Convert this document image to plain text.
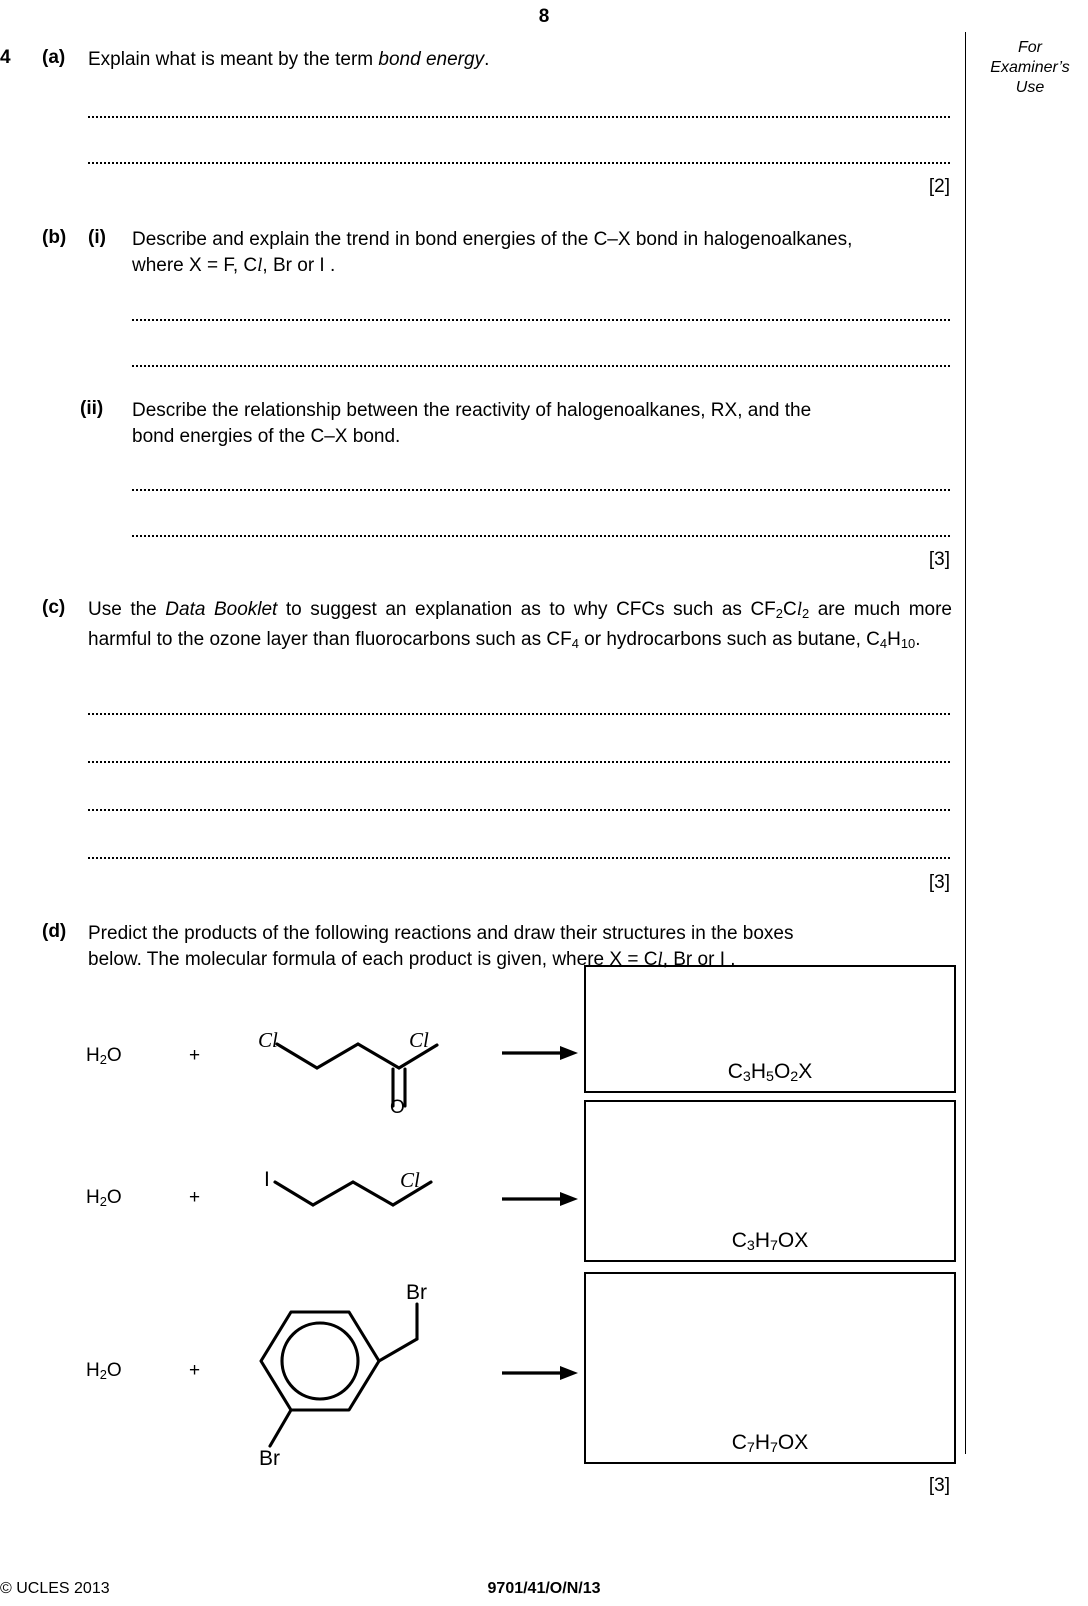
8
For
Examiner’s
Use
4 (a) Explain what is meant by the term bond energy.
[2]
(b) (i) Describe and explain the trend in bond energies of the C–X bond in halogenoalkanes,
where X = F, Cl, Br or I .
(ii) Describe the relationship between the reactivity of halogenoalkanes, RX, and the
bond energies of the C–X bond.
[3]
(c) Use the Data Booklet to suggest an explanation as to why CFCs such as $CF_2Cl_2$ are much more harmful to the ozone layer than fluorocarbons such as $CF_4$ or hydrocarbons such as butane, $C_4H_{10}$.
[3]
(d) Predict the products of the following reactions and draw their structures in the boxes
below. The molecular formula of each product is given, where X = Cl, Br or I .
$H_2O$	+
Cl	Cl
O
$C_3H_5O_2X$
$H_2O$	+
I	Cl
$C_3H_7OX$
$H_2O$	+
Br
Br
$C_7H_7OX$
[3]
© UCLES 2013	9701/41/O/N/13
